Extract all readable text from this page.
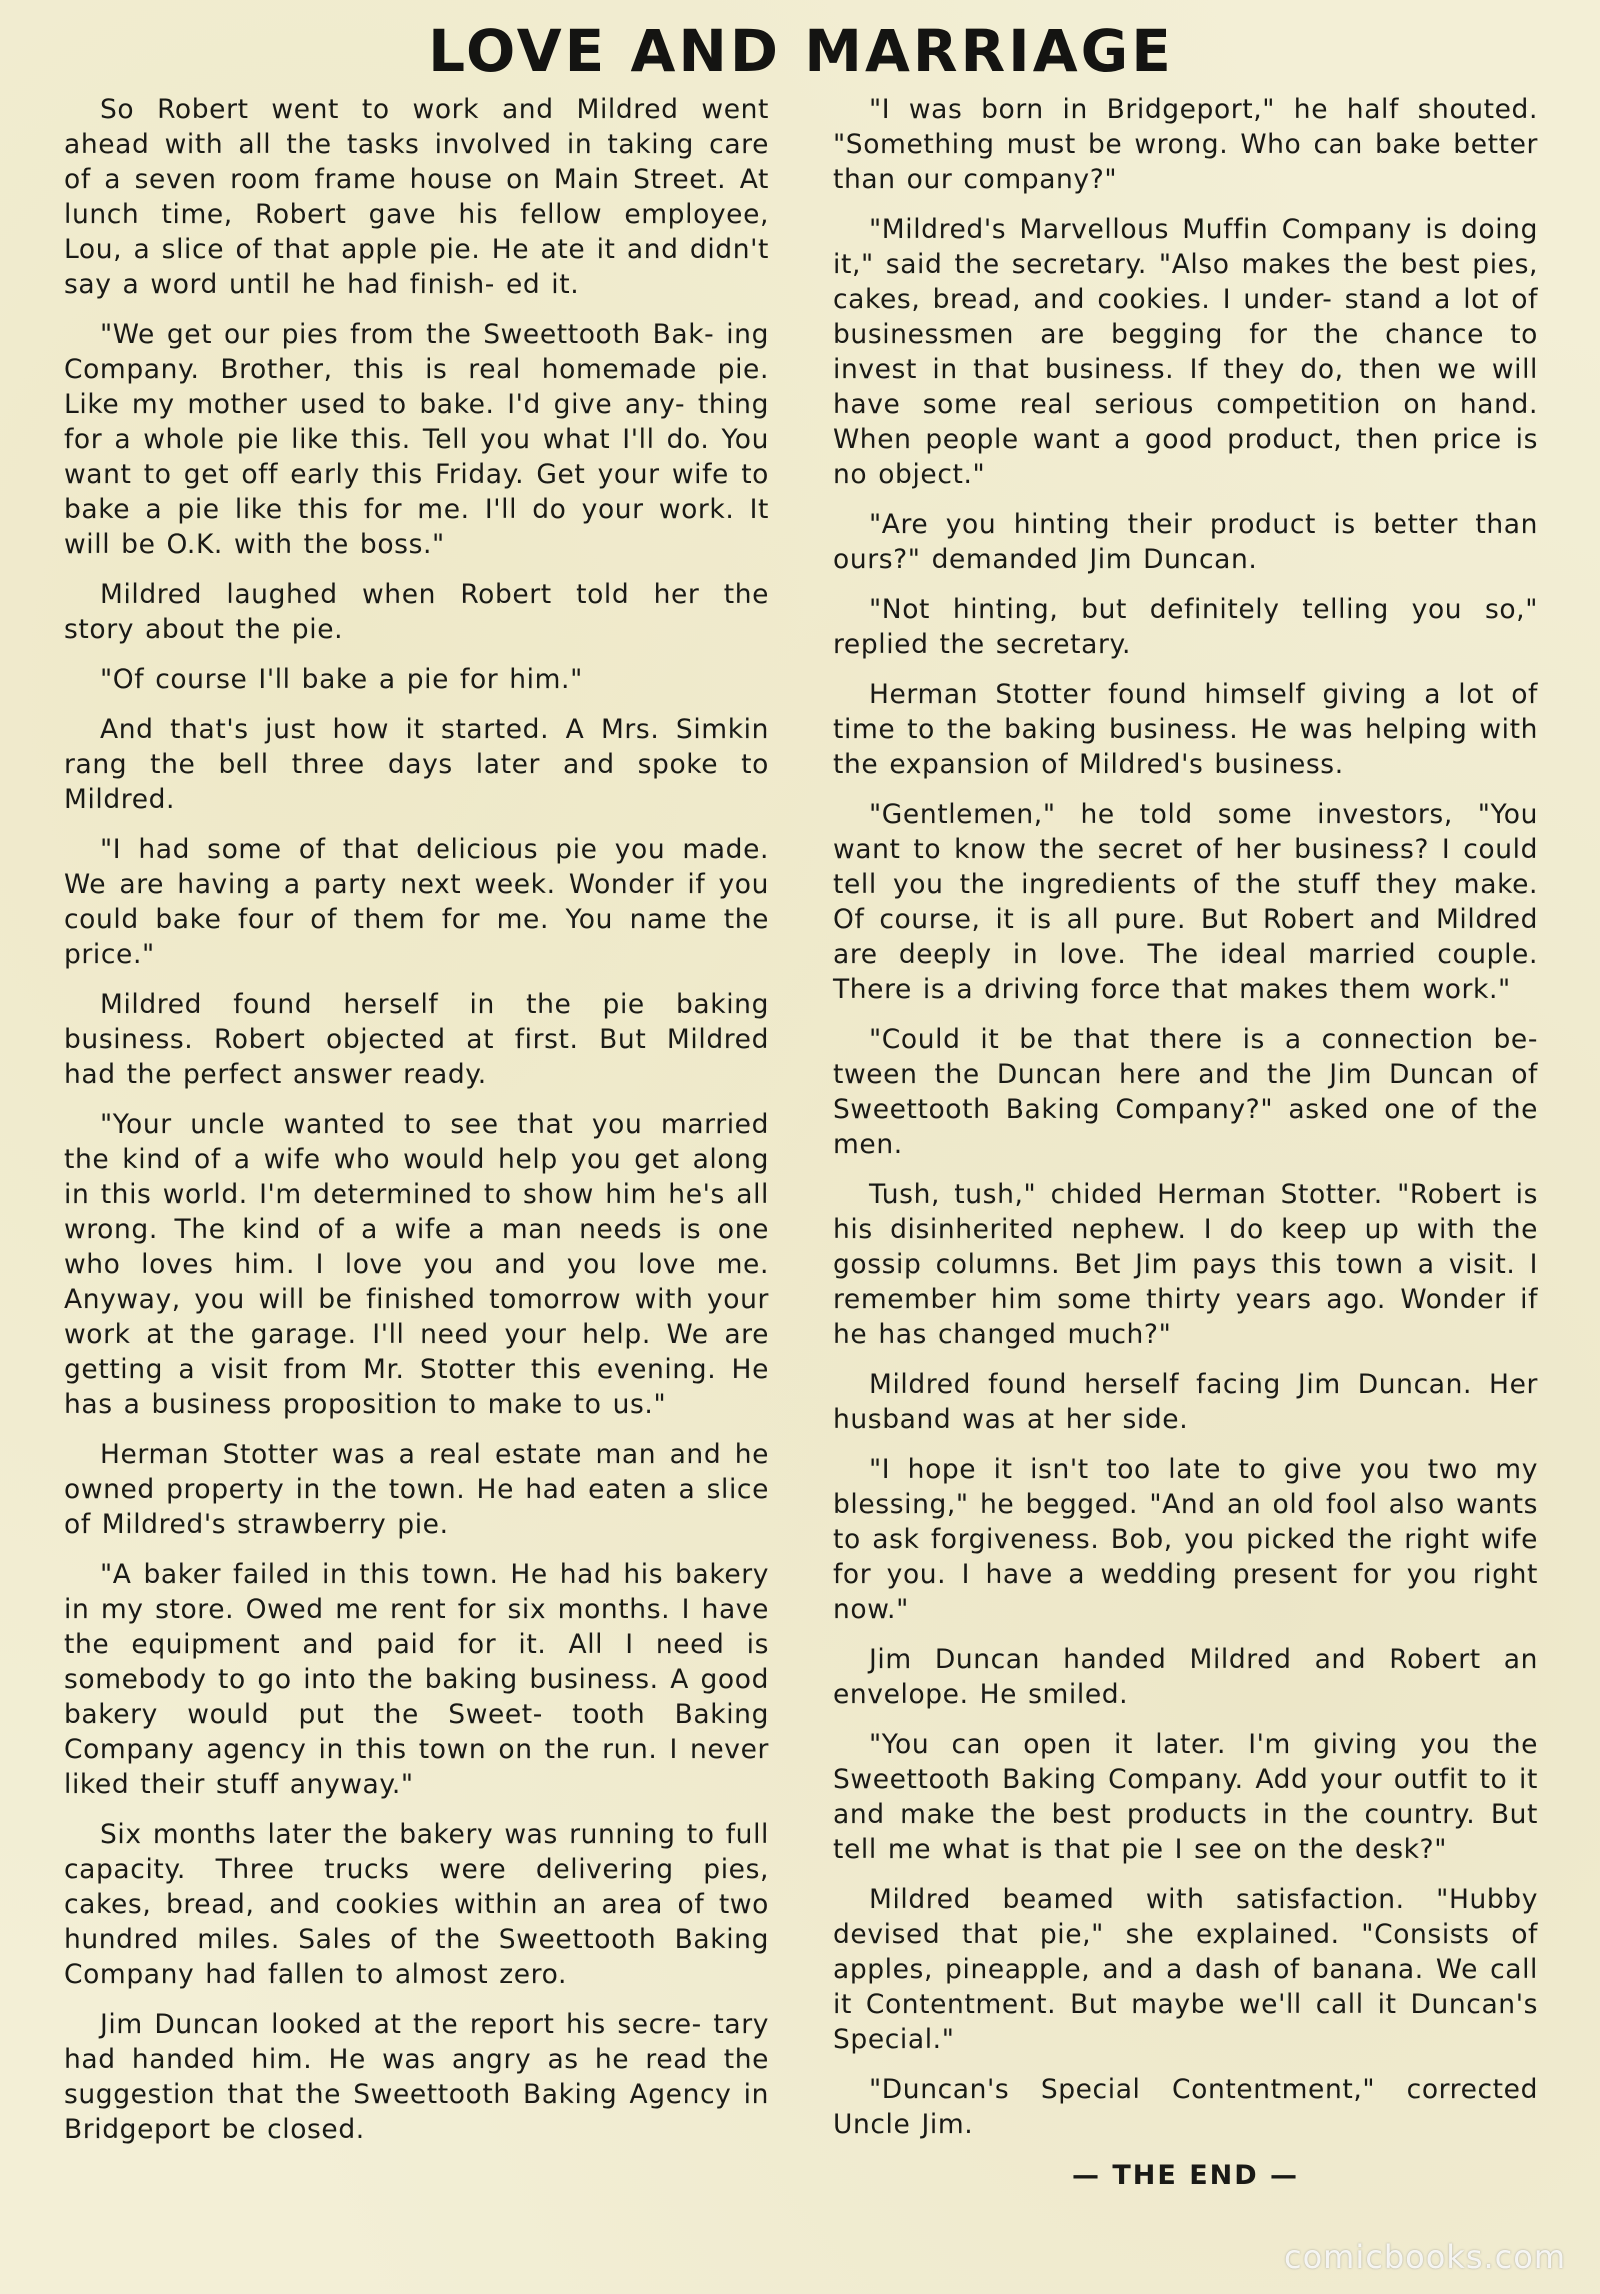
LOVE AND MARRIAGE

So Robert went to work and Mildred went ahead with all the tasks involved in taking care of a seven room frame house on Main Street. At lunch time, Robert gave his fellow employee, Lou, a slice of that apple pie. He ate it and didn't say a word until he had finish- ed it.

"We get our pies from the Sweettooth Bak- ing Company. Brother, this is real homemade pie. Like my mother used to bake. I'd give any- thing for a whole pie like this. Tell you what I'll do. You want to get off early this Friday. Get your wife to bake a pie like this for me. I'll do your work. It will be O.K. with the boss."

Mildred laughed when Robert told her the story about the pie.

"Of course I'll bake a pie for him."

And that's just how it started. A Mrs. Simkin rang the bell three days later and spoke to Mildred.

"I had some of that delicious pie you made. We are having a party next week. Wonder if you could bake four of them for me. You name the price."

Mildred found herself in the pie baking business. Robert objected at first. But Mildred had the perfect answer ready.

"Your uncle wanted to see that you married the kind of a wife who would help you get along in this world. I'm determined to show him he's all wrong. The kind of a wife a man needs is one who loves him. I love you and you love me. Anyway, you will be finished tomorrow with your work at the garage. I'll need your help. We are getting a visit from Mr. Stotter this evening. He has a business proposition to make to us."

Herman Stotter was a real estate man and he owned property in the town. He had eaten a slice of Mildred's strawberry pie.

"A baker failed in this town. He had his bakery in my store. Owed me rent for six months. I have the equipment and paid for it. All I need is somebody to go into the baking business. A good bakery would put the Sweet- tooth Baking Company agency in this town on the run. I never liked their stuff anyway."

Six months later the bakery was running to full capacity. Three trucks were delivering pies, cakes, bread, and cookies within an area of two hundred miles. Sales of the Sweettooth Baking Company had fallen to almost zero.

Jim Duncan looked at the report his secre- tary had handed him. He was angry as he read the suggestion that the Sweettooth Baking Agency in Bridgeport be closed.

"I was born in Bridgeport," he half shouted. "Something must be wrong. Who can bake better than our company?"

"Mildred's Marvellous Muffin Company is doing it," said the secretary. "Also makes the best pies, cakes, bread, and cookies. I under- stand a lot of businessmen are begging for the chance to invest in that business. If they do, then we will have some real serious competition on hand. When people want a good product, then price is no object."

"Are you hinting their product is better than ours?" demanded Jim Duncan.

"Not hinting, but definitely telling you so," replied the secretary.

Herman Stotter found himself giving a lot of time to the baking business. He was helping with the expansion of Mildred's business.

"Gentlemen," he told some investors, "You want to know the secret of her business? I could tell you the ingredients of the stuff they make. Of course, it is all pure. But Robert and Mildred are deeply in love. The ideal married couple. There is a driving force that makes them work."

"Could it be that there is a connection be- tween the Duncan here and the Jim Duncan of Sweettooth Baking Company?" asked one of the men.

Tush, tush," chided Herman Stotter. "Robert is his disinherited nephew. I do keep up with the gossip columns. Bet Jim pays this town a visit. I remember him some thirty years ago. Wonder if he has changed much?"

Mildred found herself facing Jim Duncan. Her husband was at her side.

"I hope it isn't too late to give you two my blessing," he begged. "And an old fool also wants to ask forgiveness. Bob, you picked the right wife for you. I have a wedding present for you right now."

Jim Duncan handed Mildred and Robert an envelope. He smiled.

"You can open it later. I'm giving you the Sweettooth Baking Company. Add your outfit to it and make the best products in the country. But tell me what is that pie I see on the desk?"

Mildred beamed with satisfaction. "Hubby devised that pie," she explained. "Consists of apples, pineapple, and a dash of banana. We call it Contentment. But maybe we'll call it Duncan's Special."

"Duncan's Special Contentment," corrected Uncle Jim.

— THE END —
comicbooks.com
